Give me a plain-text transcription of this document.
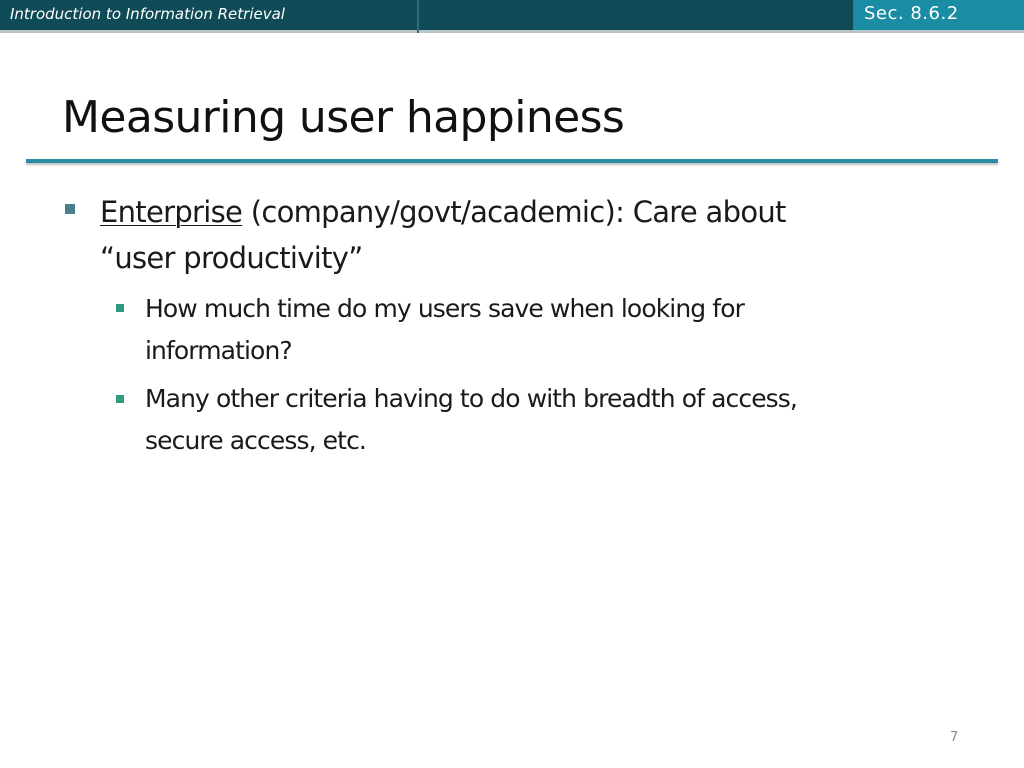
Introduction to Information Retrieval	Sec. 8.6.2
Measuring user happiness
Enterprise (company/govt/academic): Care about
“user productivity”
How much time do my users save when looking for
information?
Many other criteria having to do with breadth of access,
secure access, etc.
7
